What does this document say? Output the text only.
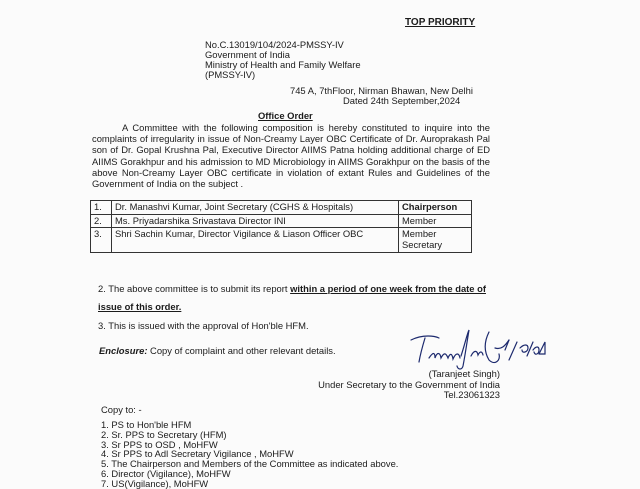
TOP PRIORITY
No.C.13019/104/2024-PMSSY-IV
Government of India
Ministry of Health and Family Welfare
(PMSSY-IV)
745 A, 7thFloor, Nirman Bhawan, New Delhi
Dated 24th September,2024
Office Order
A Committee with the following composition is hereby constituted to inquire into the complaints of irregularity in issue of Non-Creamy Layer OBC Certificate of Dr. Auroprakash Pal son of Dr. Gopal Krushna Pal, Executive Director AIIMS Patna holding additional charge of ED AIIMS Gorakhpur and his admission to MD Microbiology in AIIMS Gorakhpur on the basis of the above Non-Creamy Layer OBC certificate in violation of extant Rules and Guidelines of the Government of India on the subject .
1.	Dr. Manashvi Kumar, Joint Secretary (CGHS & Hospitals)	Chairperson
2.	Ms. Priyadarshika Srivastava Director INI	Member
3.	Shri Sachin Kumar, Director Vigilance & Liason Officer OBC	Member Secretary
2. The above committee is to submit its report within a period of one week from the date of issue of this order.
3. This is issued with the approval of Hon'ble HFM.
Enclosure: Copy of complaint and other relevant details.
(Taranjeet Singh)
Under Secretary to the Government of India
Tel.23061323
Copy to: -
1. PS to Hon'ble HFM
2. Sr. PPS to Secretary (HFM)
3. Sr PPS to OSD , MoHFW
4. Sr PPS to Adl Secretary Vigilance , MoHFW
5. The Chairperson and Members of the Committee as indicated above.
6. Director (Vigilance), MoHFW
7. US(Vigilance), MoHFW
